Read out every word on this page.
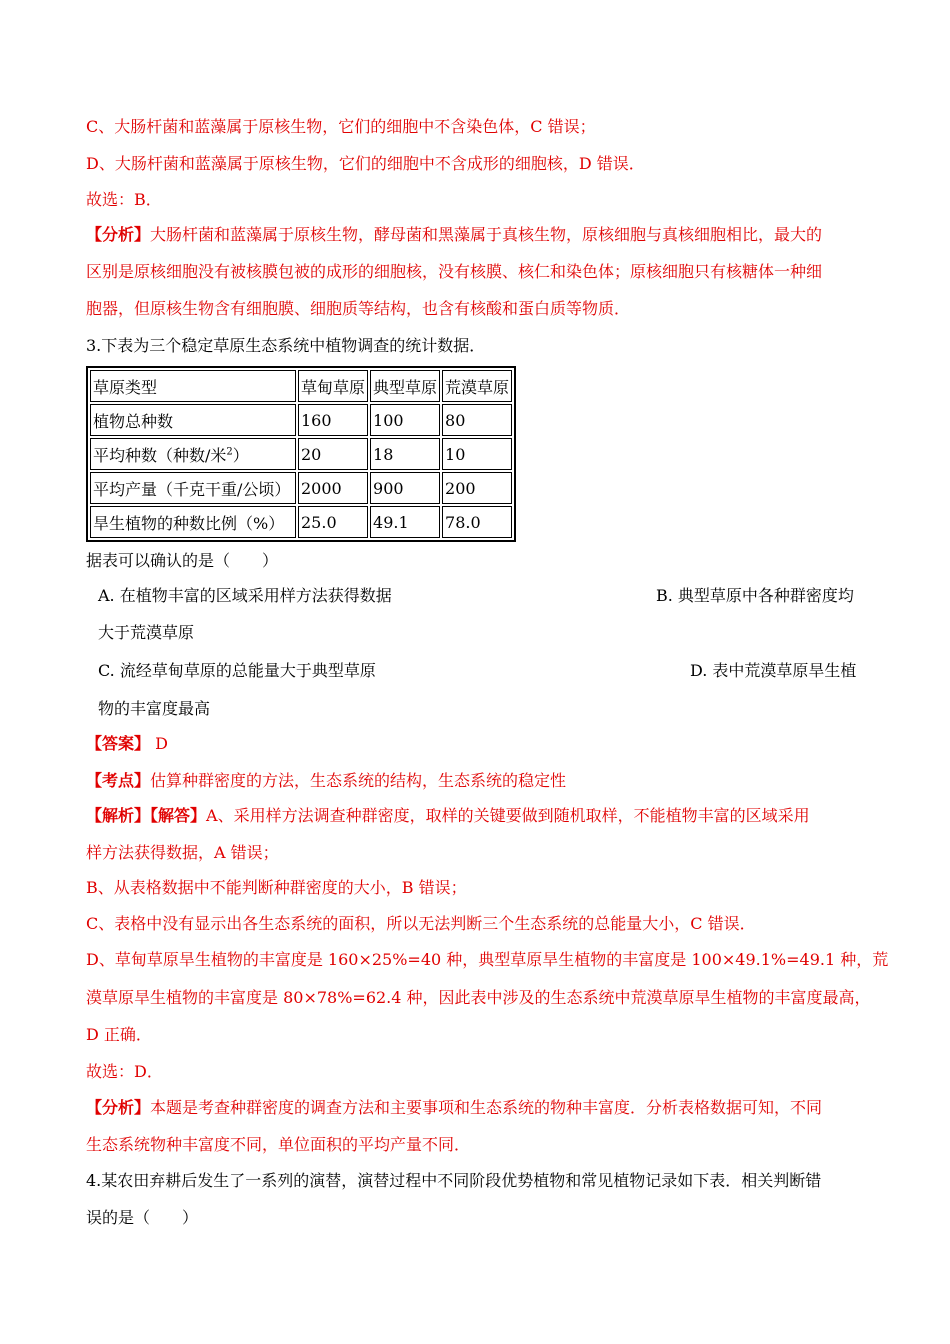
C、大肠杆菌和蓝藻属于原核生物，它们的细胞中不含染色体，C 错误；
D、大肠杆菌和蓝藻属于原核生物，它们的细胞中不含成形的细胞核，D 错误．
故选：B．
【分析】大肠杆菌和蓝藻属于原核生物，酵母菌和黑藻属于真核生物，原核细胞与真核细胞相比，最大的
区别是原核细胞没有被核膜包被的成形的细胞核，没有核膜、核仁和染色体；原核细胞只有核糖体一种细
胞器，但原核生物含有细胞膜、细胞质等结构，也含有核酸和蛋白质等物质．
3.下表为三个稳定草原生态系统中植物调查的统计数据．
草原类型	草甸草原	典型草原	荒漠草原
植物总种数	160	100	80
平均种数（种数/米$^2$）	20	18	10
平均产量（千克干重/公顷）	2000	900	200
旱生植物的种数比例（%）	25.0	49.1	78.0
据表可以确认的是（　　）
A. 在植物丰富的区域采用样方法获得数据	B. 典型草原中各种群密度均
大于荒漠草原
C. 流经草甸草原的总能量大于典型草原	D. 表中荒漠草原旱生植
物的丰富度最高
【答案】 D
【考点】估算种群密度的方法，生态系统的结构，生态系统的稳定性
【解析】【解答】A、采用样方法调查种群密度，取样的关键要做到随机取样，不能植物丰富的区域采用
样方法获得数据，A 错误；
B、从表格数据中不能判断种群密度的大小，B 错误；
C、表格中没有显示出各生态系统的面积，所以无法判断三个生态系统的总能量大小，C 错误．
D、草甸草原旱生植物的丰富度是 160×25%=40 种，典型草原旱生植物的丰富度是 100×49.1%=49.1 种，荒
漠草原旱生植物的丰富度是 80×78%=62.4 种，因此表中涉及的生态系统中荒漠草原旱生植物的丰富度最高，
D 正确．
故选：D．
【分析】本题是考查种群密度的调查方法和主要事项和生态系统的物种丰富度．分析表格数据可知，不同
生态系统物种丰富度不同，单位面积的平均产量不同．
4.某农田弃耕后发生了一系列的演替，演替过程中不同阶段优势植物和常见植物记录如下表．相关判断错
误的是（　　）
